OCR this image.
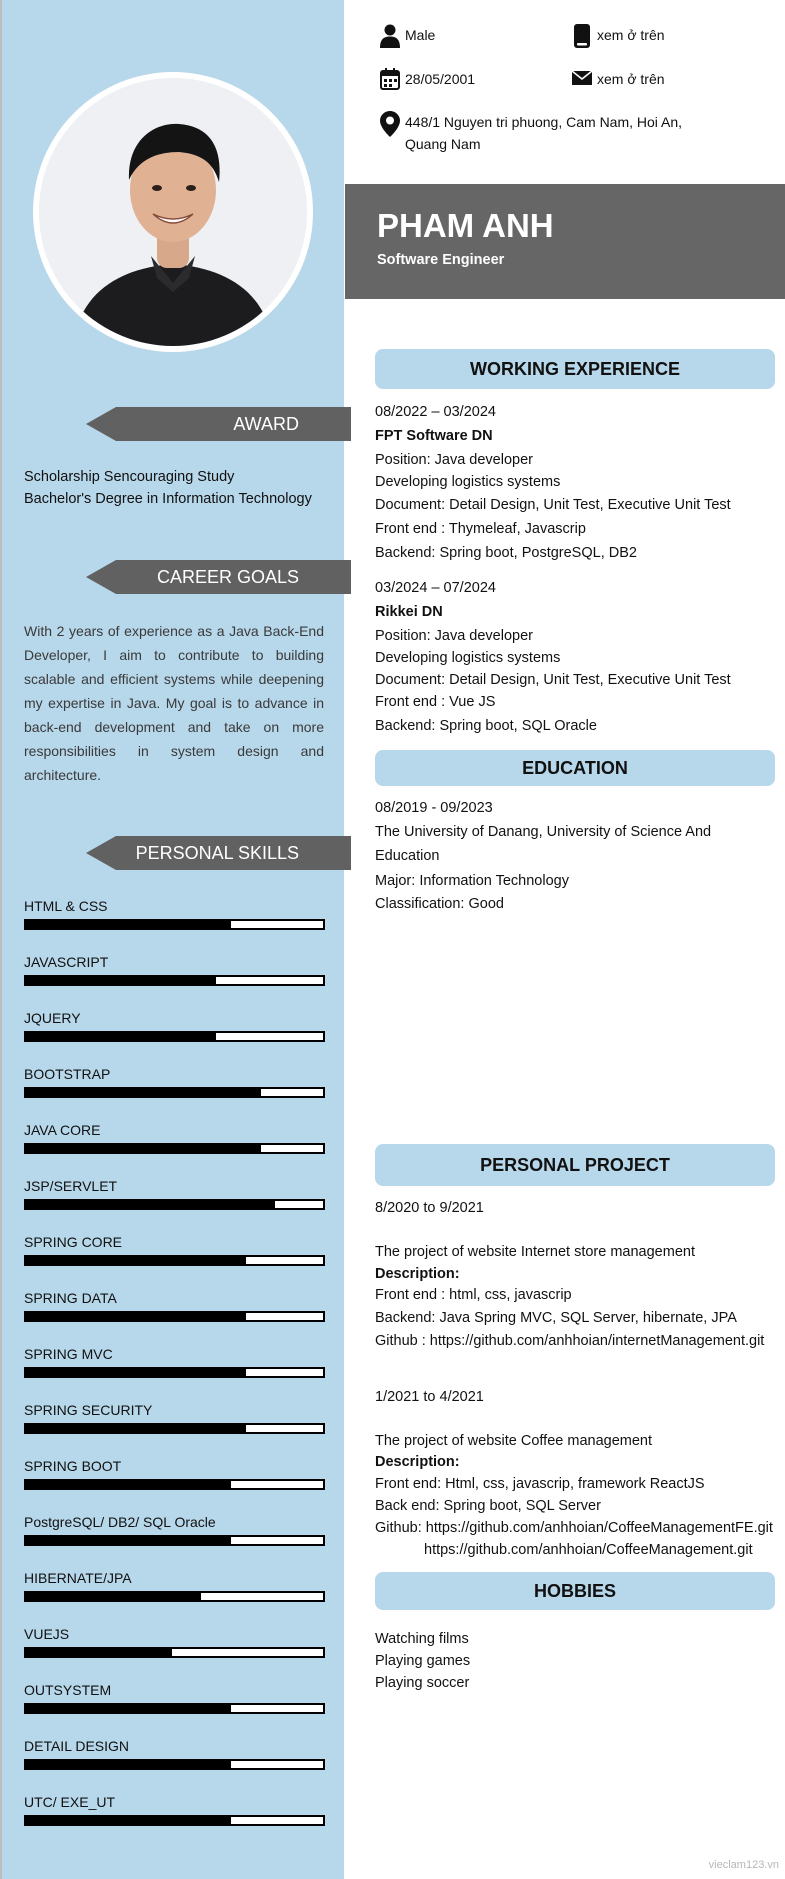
AWARD
Scholarship Sencouraging Study
Bachelor's Degree in Information Technology
CAREER GOALS
With 2 years of experience as a Java Back-End Developer, I aim to contribute to building scalable and efficient systems while deepening my expertise in Java. My goal is to advance in back-end development and take on more responsibilities in system design and architecture.
PERSONAL SKILLS
HTML & CSS
JAVASCRIPT
JQUERY
BOOTSTRAP
JAVA CORE
JSP/SERVLET
SPRING CORE
SPRING DATA
SPRING MVC
SPRING SECURITY
SPRING BOOT
PostgreSQL/ DB2/ SQL Oracle
HIBERNATE/JPA
VUEJS
OUTSYSTEM
DETAIL DESIGN
UTC/ EXE_UT
Male	xem ở trên
28/05/2001	xem ở trên
448/1 Nguyen tri phuong, Cam Nam, Hoi An,
Quang Nam
PHAM ANH
Software Engineer
WORKING EXPERIENCE
08/2022 – 03/2024
FPT Software DN
Position: Java developer
Developing logistics systems
Document: Detail Design, Unit Test, Executive Unit Test
Front end : Thymeleaf, Javascrip
Backend: Spring boot, PostgreSQL, DB2
03/2024 – 07/2024
Rikkei DN
Position: Java developer
Developing logistics systems
Document: Detail Design, Unit Test, Executive Unit Test
Front end : Vue JS
Backend: Spring boot, SQL Oracle
EDUCATION
08/2019 - 09/2023
The University of Danang, University of Science And
Education
Major: Information Technology
Classification: Good
PERSONAL PROJECT
8/2020 to 9/2021
The project of website Internet store management
Description:
Front end : html, css, javascrip
Backend: Java Spring MVC, SQL Server, hibernate, JPA
Github : https://github.com/anhhoian/internetManagement.git
1/2021 to 4/2021
The project of website Coffee management
Description:
Front end: Html, css, javascrip, framework ReactJS
Back end: Spring boot, SQL Server
Github: https://github.com/anhhoian/CoffeeManagementFE.git
https://github.com/anhhoian/CoffeeManagement.git
HOBBIES
Watching films
Playing games
Playing soccer
vieclam123.vn
